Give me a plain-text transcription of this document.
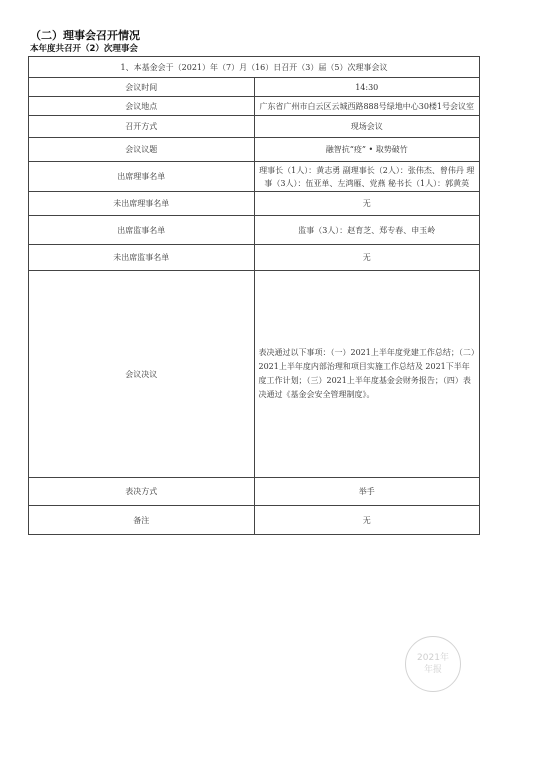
（二）理事会召开情况
本年度共召开（2）次理事会
1、本基金会于（2021）年（7）月（16）日召开（3）届（5）次理事会议	
会议时间	14:30
会议地点	广东省广州市白云区云城西路888号绿地中心30楼1号会议室
召开方式	现场会议
会议议题	融智抗“疫” • 取势破竹
出席理事名单	理事长（1人）：黄志勇 副理事长（2人）：张伟杰、曾伟丹 理事（3人）：伍亚单、左鸿雁、党燕 秘书长（1人）：郭黄英
未出席理事名单	无
出席监事名单	监事（3人）：赵育芝、郑专春、申玉岭
未出席监事名单	无
会议决议	表决通过以下事项：（一）2021上半年度党建工作总结；（二）2021上半年度内部治理和项目实施工作总结及 2021下半年度工作计划；（三）2021上半年度基金会财务报告；（四）表决通过《基金会安全管理制度》。
表决方式	举手
备注	无
2021年
年报
